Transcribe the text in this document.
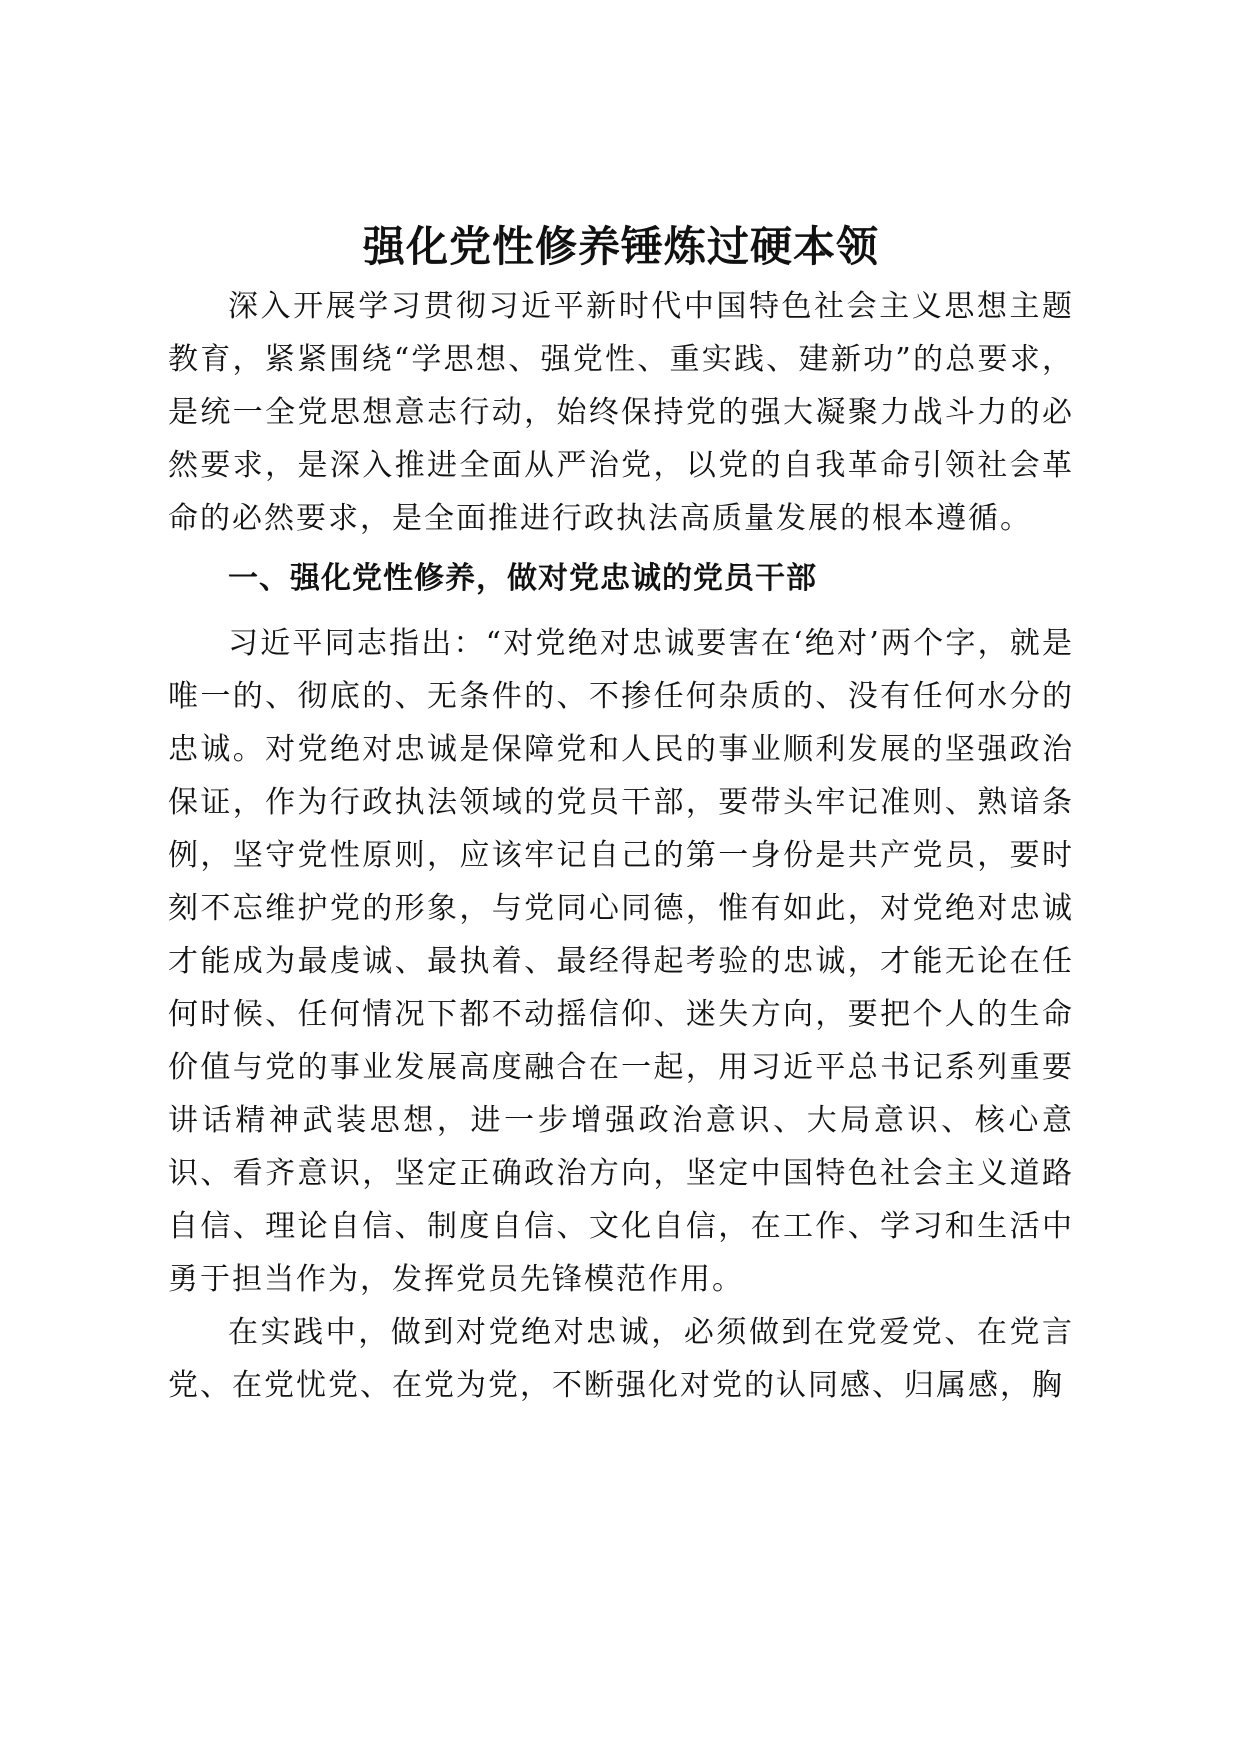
强化党性修养锤炼过硬本领

深入开展学习贯彻习近平新时代中国特色社会主义思想主题教育，紧紧围绕“学思想、强党性、重实践、建新功”的总要求，是统一全党思想意志行动，始终保持党的强大凝聚力战斗力的必然要求，是深入推进全面从严治党，以党的自我革命引领社会革命的必然要求，是全面推进行政执法高质量发展的根本遵循。

一、强化党性修养，做对党忠诚的党员干部

习近平同志指出：“对党绝对忠诚要害在‘绝对’两个字，就是唯一的、彻底的、无条件的、不掺任何杂质的、没有任何水分的忠诚。对党绝对忠诚是保障党和人民的事业顺利发展的坚强政治保证，作为行政执法领域的党员干部，要带头牢记准则、熟谙条例，坚守党性原则，应该牢记自己的第一身份是共产党员，要时刻不忘维护党的形象，与党同心同德，惟有如此，对党绝对忠诚才能成为最虔诚、最执着、最经得起考验的忠诚，才能无论在任何时候、任何情况下都不动摇信仰、迷失方向，要把个人的生命价值与党的事业发展高度融合在一起，用习近平总书记系列重要讲话精神武装思想，进一步增强政治意识、大局意识、核心意识、看齐意识，坚定正确政治方向，坚定中国特色社会主义道路自信、理论自信、制度自信、文化自信，在工作、学习和生活中勇于担当作为，发挥党员先锋模范作用。

在实践中，做到对党绝对忠诚，必须做到在党爱党、在党言党、在党忧党、在党为党，不断强化对党的认同感、归属感，胸
